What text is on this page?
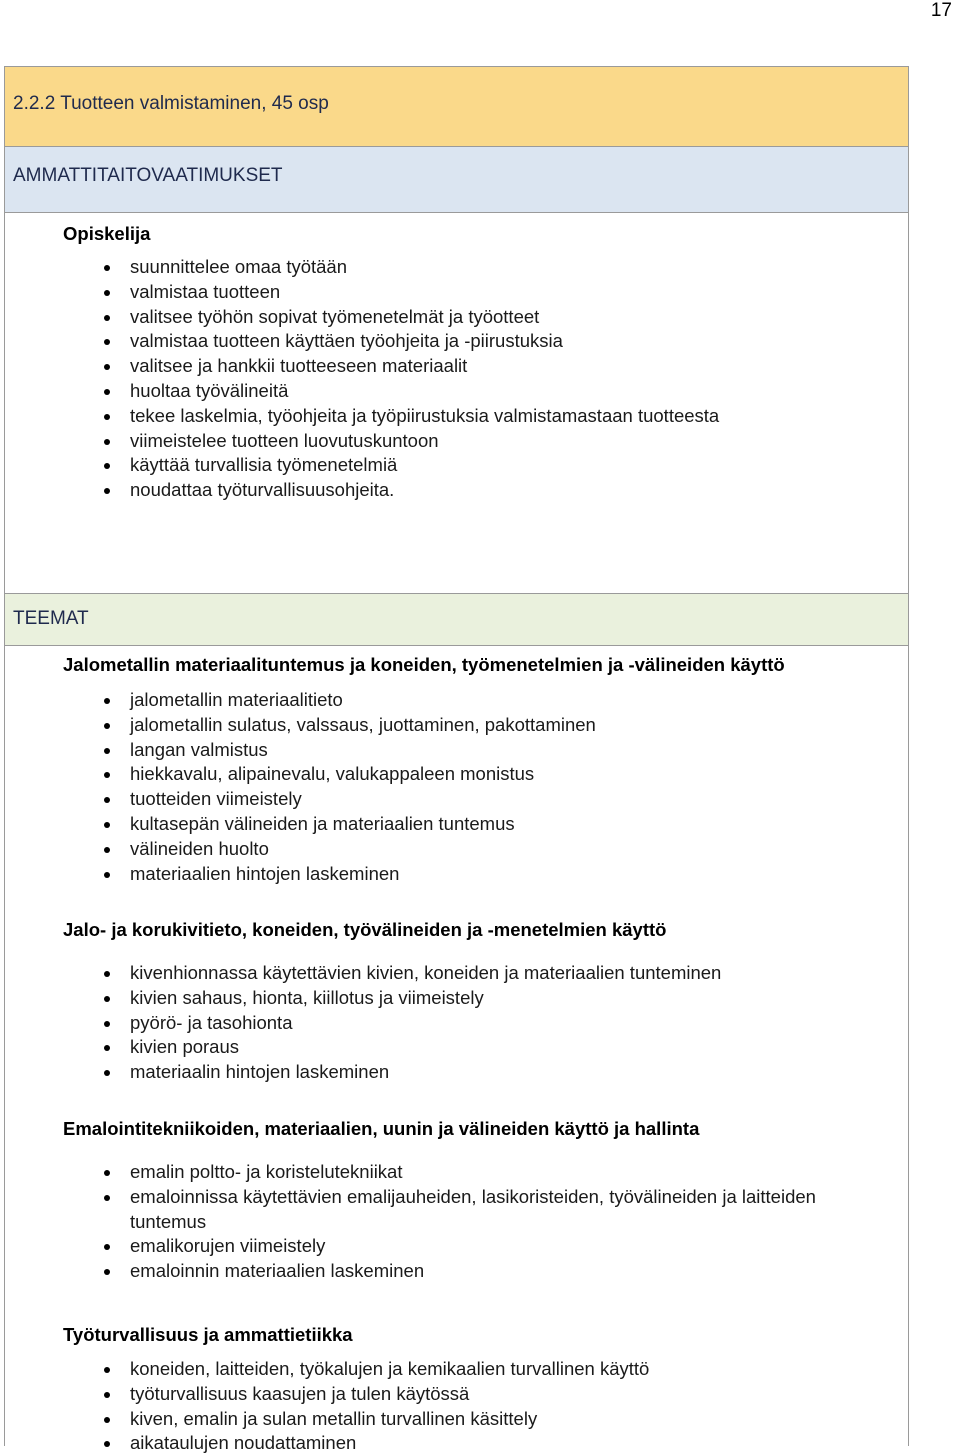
17
2.2.2 Tuotteen valmistaminen, 45 osp
AMMATTITAITOVAATIMUKSET
Opiskelija
suunnittelee omaa työtään
valmistaa tuotteen
valitsee työhön sopivat työmenetelmät ja työotteet
valmistaa tuotteen käyttäen työohjeita ja -piirustuksia
valitsee ja hankkii tuotteeseen materiaalit
huoltaa työvälineitä
tekee laskelmia, työohjeita ja työpiirustuksia valmistamastaan tuotteesta
viimeistelee tuotteen luovutuskuntoon
käyttää turvallisia työmenetelmiä
noudattaa työturvallisuusohjeita.
TEEMAT
Jalometallin materiaalituntemus ja koneiden, työmenetelmien ja -välineiden käyttö
jalometallin materiaalitieto
jalometallin sulatus, valssaus, juottaminen, pakottaminen
langan valmistus
hiekkavalu, alipainevalu, valukappaleen monistus
tuotteiden viimeistely
kultasepän välineiden ja materiaalien tuntemus
välineiden huolto
materiaalien hintojen laskeminen
Jalo- ja korukivitieto, koneiden, työvälineiden ja -menetelmien käyttö
kivenhionnassa käytettävien kivien, koneiden ja materiaalien tunteminen
kivien sahaus, hionta, kiillotus ja viimeistely
pyörö- ja tasohionta
kivien poraus
materiaalin hintojen laskeminen
Emalointitekniikoiden, materiaalien, uunin ja välineiden käyttö ja hallinta
emalin poltto- ja koristelutekniikat
emaloinnissa käytettävien emalijauheiden, lasikoristeiden, työvälineiden ja laitteiden tuntemus
emalikorujen viimeistely
emaloinnin materiaalien laskeminen
Työturvallisuus ja ammattietiikka
koneiden, laitteiden, työkalujen ja kemikaalien turvallinen käyttö
työturvallisuus kaasujen ja tulen käytössä
kiven, emalin ja sulan metallin turvallinen käsittely
aikataulujen noudattaminen
